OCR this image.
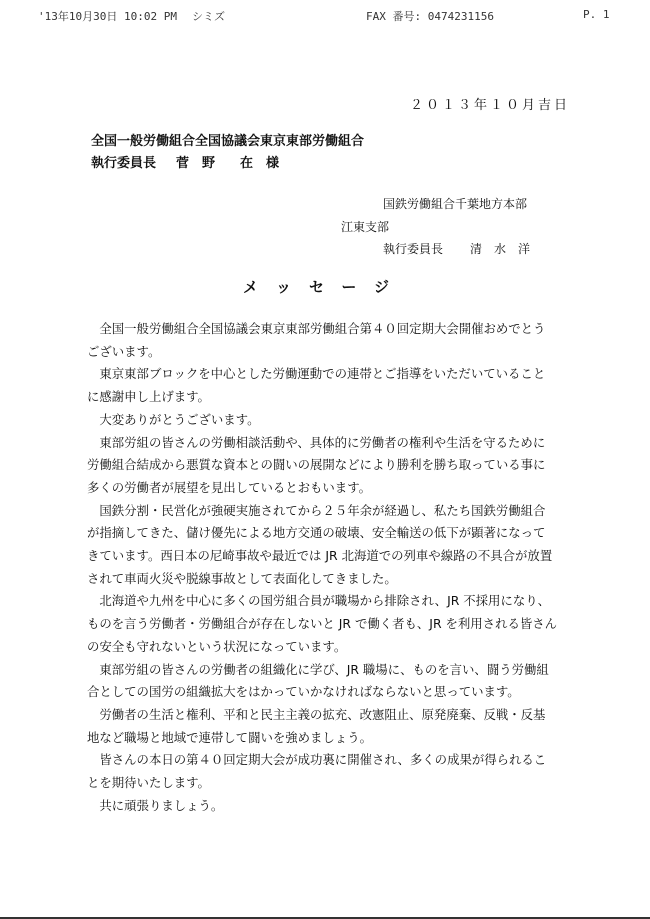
'13年10月30日 10:02 PM シミズ	FAX 番号: 0474231156	P. 1
２０１３年１０月吉日
全国一般労働組合全国協議会東京東部労働組合
執行委員長 菅　野 在　様
国鉄労働組合千葉地方本部
江東支部
執行委員長 清　水　洋
メッセージ

全国一般労働組合全国協議会東京東部労働組合第４０回定期大会開催おめでとうございます。

東京東部ブロックを中心とした労働運動での連帯とご指導をいただいていることに感謝申し上げます。

大変ありがとうございます。

東部労組の皆さんの労働相談活動や、具体的に労働者の権利や生活を守るために労働組合結成から悪質な資本との闘いの展開などにより勝利を勝ち取っている事に多くの労働者が展望を見出しているとおもいます。

国鉄分割・民営化が強硬実施されてから２５年余が経過し、私たち国鉄労働組合が指摘してきた、儲け優先による地方交通の破壊、安全輸送の低下が顕著になってきています。西日本の尼崎事故や最近では JR 北海道での列車や線路の不具合が放置されて車両火災や脱線事故として表面化してきました。

北海道や九州を中心に多くの国労組合員が職場から排除され、JR 不採用になり、ものを言う労働者・労働組合が存在しないと JR で働く者も、JR を利用される皆さんの安全も守れないという状況になっています。

東部労組の皆さんの労働者の組織化に学び、JR 職場に、ものを言い、闘う労働組合としての国労の組織拡大をはかっていかなければならないと思っています。

労働者の生活と権利、平和と民主主義の拡充、改憲阻止、原発廃棄、反戦・反基地など職場と地域で連帯して闘いを強めましょう。

皆さんの本日の第４０回定期大会が成功裏に開催され、多くの成果が得られることを期待いたします。

共に頑張りましょう。
